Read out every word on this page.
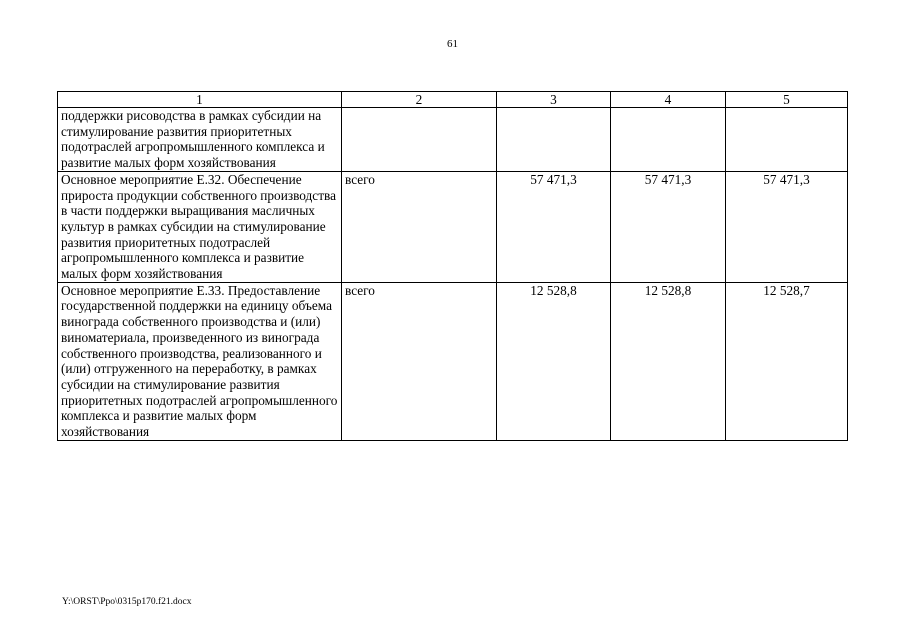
61
1	2	3	4	5
поддержки рисоводства в рамках субсидии на стимулирование развития приоритетных подотраслей агропромышленного комплекса и развитие малых форм хозяйствования				
Основное мероприятие Е.32. Обеспечение прироста продукции собственного производства в части поддержки выращивания масличных культур в рамках субсидии на стимулирование развития приоритетных подотраслей агропромышленного комплекса и развитие малых форм хозяйствования	всего	57 471,3	57 471,3	57 471,3
Основное мероприятие Е.33. Предоставление государственной поддержки на единицу объема винограда собственного производства и (или) виноматериала, произведенного из винограда собственного производства, реализованного и (или) отгруженного на переработку, в рамках субсидии на стимулирование развития приоритетных подотраслей агропромышленного комплекса и развитие малых форм хозяйствования	всего	12 528,8	12 528,8	12 528,7
Y:\ORST\Ppo\0315p170.f21.docx
